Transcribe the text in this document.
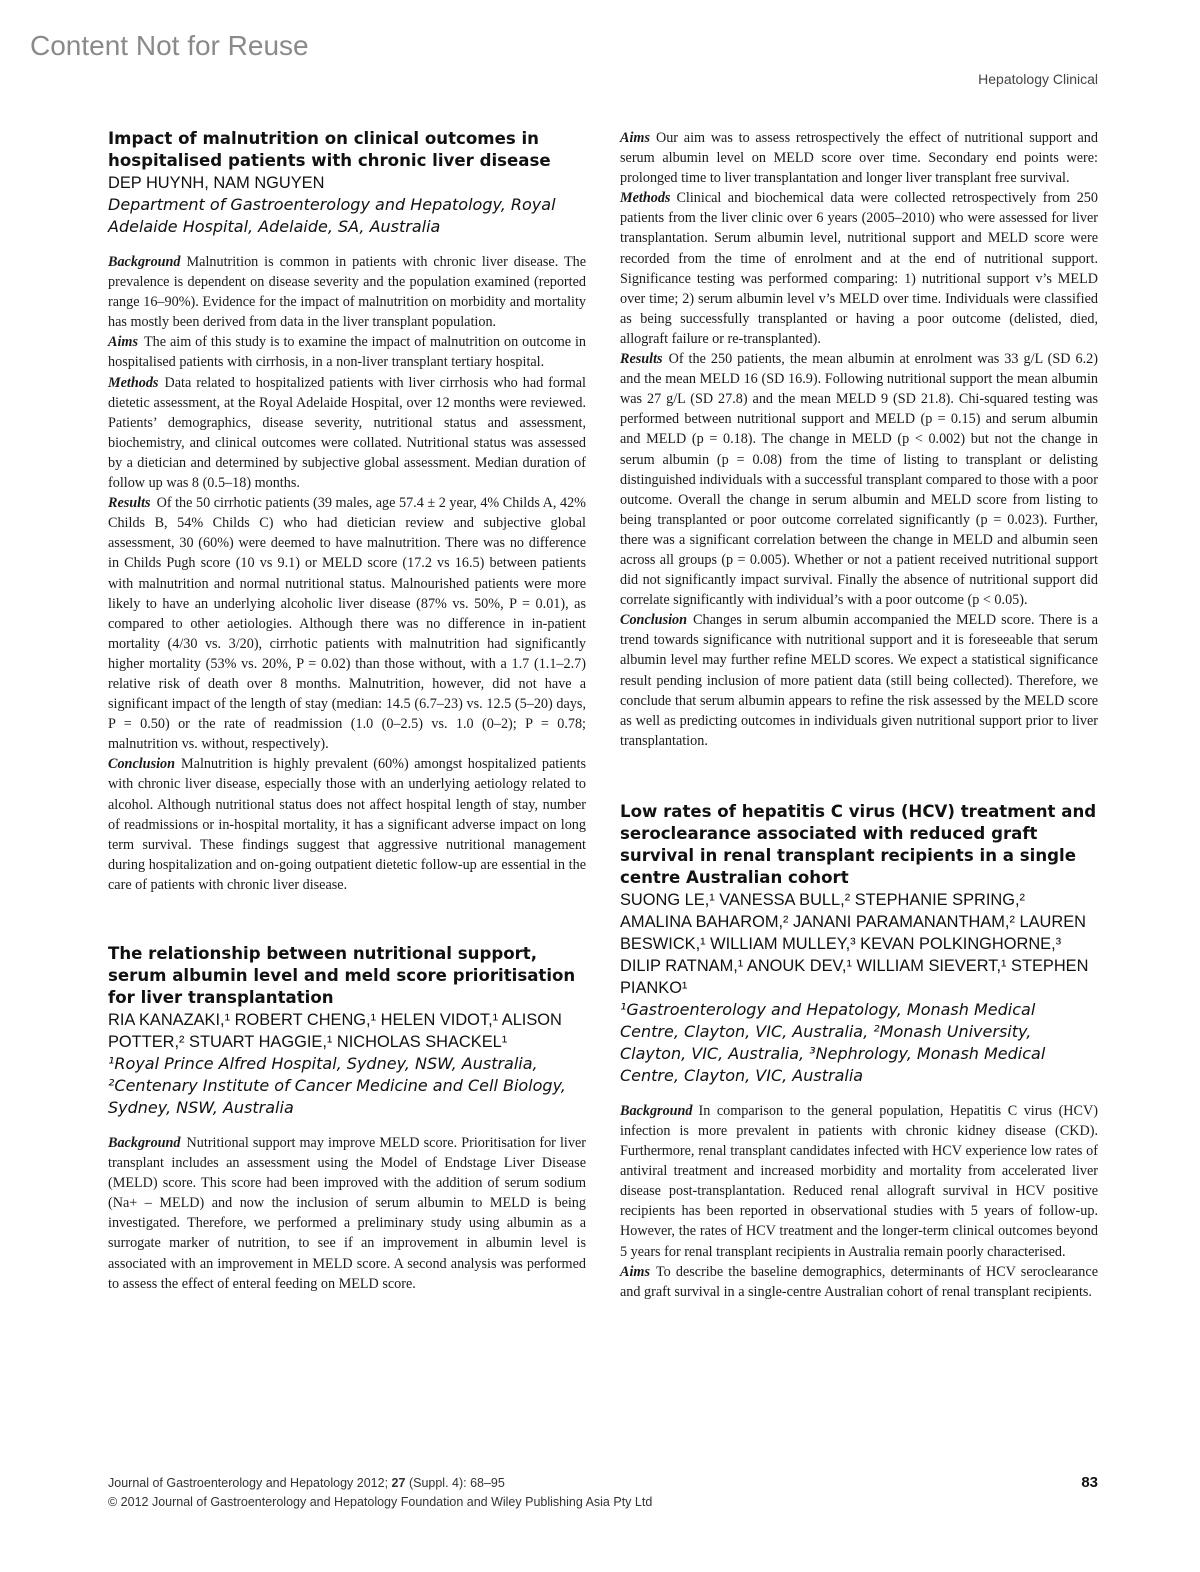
Content Not for Reuse
Hepatology Clinical
Impact of malnutrition on clinical outcomes in hospitalised patients with chronic liver disease

DEP HUYNH, NAM NGUYEN

Department of Gastroenterology and Hepatology, Royal Adelaide Hospital, Adelaide, SA, Australia

Background Malnutrition is common in patients with chronic liver disease. The prevalence is dependent on disease severity and the population examined (reported range 16–90%). Evidence for the impact of malnutrition on morbidity and mortality has mostly been derived from data in the liver transplant population.

Aims The aim of this study is to examine the impact of malnutrition on outcome in hospitalised patients with cirrhosis, in a non-liver transplant tertiary hospital.

Methods Data related to hospitalized patients with liver cirrhosis who had formal dietetic assessment, at the Royal Adelaide Hospital, over 12 months were reviewed. Patients’ demographics, disease severity, nutritional status and assessment, biochemistry, and clinical outcomes were collated. Nutritional status was assessed by a dietician and determined by subjective global assessment. Median duration of follow up was 8 (0.5–18) months.

Results Of the 50 cirrhotic patients (39 males, age 57.4 ± 2 year, 4% Childs A, 42% Childs B, 54% Childs C) who had dietician review and subjective global assessment, 30 (60%) were deemed to have malnutrition. There was no difference in Childs Pugh score (10 vs 9.1) or MELD score (17.2 vs 16.5) between patients with malnutrition and normal nutritional status. Malnourished patients were more likely to have an underlying alcoholic liver disease (87% vs. 50%, P = 0.01), as compared to other aetiologies. Although there was no difference in in-patient mortality (4/30 vs. 3/20), cirrhotic patients with malnutrition had significantly higher mortality (53% vs. 20%, P = 0.02) than those without, with a 1.7 (1.1–2.7) relative risk of death over 8 months. Malnutrition, however, did not have a significant impact of the length of stay (median: 14.5 (6.7–23) vs. 12.5 (5–20) days, P = 0.50) or the rate of readmission (1.0 (0–2.5) vs. 1.0 (0–2); P = 0.78; malnutrition vs. without, respectively).

Conclusion Malnutrition is highly prevalent (60%) amongst hospitalized patients with chronic liver disease, especially those with an underlying aetiology related to alcohol. Although nutritional status does not affect hospital length of stay, number of readmissions or in-hospital mortality, it has a significant adverse impact on long term survival. These findings suggest that aggressive nutritional management during hospitalization and on-going outpatient dietetic follow-up are essential in the care of patients with chronic liver disease.

The relationship between nutritional support, serum albumin level and meld score prioritisation for liver transplantation

RIA KANAZAKI,¹ ROBERT CHENG,¹ HELEN VIDOT,¹ ALISON POTTER,² STUART HAGGIE,¹ NICHOLAS SHACKEL¹

¹Royal Prince Alfred Hospital, Sydney, NSW, Australia, ²Centenary Institute of Cancer Medicine and Cell Biology, Sydney, NSW, Australia

Background Nutritional support may improve MELD score. Prioritisation for liver transplant includes an assessment using the Model of Endstage Liver Disease (MELD) score. This score had been improved with the addition of serum sodium (Na+ – MELD) and now the inclusion of serum albumin to MELD is being investigated. Therefore, we performed a preliminary study using albumin as a surrogate marker of nutrition, to see if an improvement in albumin level is associated with an improvement in MELD score. A second analysis was performed to assess the effect of enteral feeding on MELD score.

Aims Our aim was to assess retrospectively the effect of nutritional support and serum albumin level on MELD score over time. Secondary end points were: prolonged time to liver transplantation and longer liver transplant free survival.

Methods Clinical and biochemical data were collected retrospectively from 250 patients from the liver clinic over 6 years (2005–2010) who were assessed for liver transplantation. Serum albumin level, nutritional support and MELD score were recorded from the time of enrolment and at the end of nutritional support. Significance testing was performed comparing: 1) nutritional support v’s MELD over time; 2) serum albumin level v’s MELD over time. Individuals were classified as being successfully transplanted or having a poor outcome (delisted, died, allograft failure or re-transplanted).

Results Of the 250 patients, the mean albumin at enrolment was 33 g/L (SD 6.2) and the mean MELD 16 (SD 16.9). Following nutritional support the mean albumin was 27 g/L (SD 27.8) and the mean MELD 9 (SD 21.8). Chi-squared testing was performed between nutritional support and MELD (p = 0.15) and serum albumin and MELD (p = 0.18). The change in MELD (p < 0.002) but not the change in serum albumin (p = 0.08) from the time of listing to transplant or delisting distinguished individuals with a successful transplant compared to those with a poor outcome. Overall the change in serum albumin and MELD score from listing to being transplanted or poor outcome correlated significantly (p = 0.023). Further, there was a significant correlation between the change in MELD and albumin seen across all groups (p = 0.005). Whether or not a patient received nutritional support did not significantly impact survival. Finally the absence of nutritional support did correlate significantly with individual’s with a poor outcome (p < 0.05).

Conclusion Changes in serum albumin accompanied the MELD score. There is a trend towards significance with nutritional support and it is foreseeable that serum albumin level may further refine MELD scores. We expect a statistical significance result pending inclusion of more patient data (still being collected). Therefore, we conclude that serum albumin appears to refine the risk assessed by the MELD score as well as predicting outcomes in individuals given nutritional support prior to liver transplantation.

Low rates of hepatitis C virus (HCV) treatment and seroclearance associated with reduced graft survival in renal transplant recipients in a single centre Australian cohort

SUONG LE,¹ VANESSA BULL,² STEPHANIE SPRING,² AMALINA BAHAROM,² JANANI PARAMANANTHAM,² LAUREN BESWICK,¹ WILLIAM MULLEY,³ KEVAN POLKINGHORNE,³ DILIP RATNAM,¹ ANOUK DEV,¹ WILLIAM SIEVERT,¹ STEPHEN PIANKO¹

¹Gastroenterology and Hepatology, Monash Medical Centre, Clayton, VIC, Australia, ²Monash University, Clayton, VIC, Australia, ³Nephrology, Monash Medical Centre, Clayton, VIC, Australia

Background In comparison to the general population, Hepatitis C virus (HCV) infection is more prevalent in patients with chronic kidney disease (CKD). Furthermore, renal transplant candidates infected with HCV experience low rates of antiviral treatment and increased morbidity and mortality from accelerated liver disease post-transplantation. Reduced renal allograft survival in HCV positive recipients has been reported in observational studies with 5 years of follow-up. However, the rates of HCV treatment and the longer-term clinical outcomes beyond 5 years for renal transplant recipients in Australia remain poorly characterised.

Aims To describe the baseline demographics, determinants of HCV seroclearance and graft survival in a single-centre Australian cohort of renal transplant recipients.

Journal of Gastroenterology and Hepatology 2012; 27 (Suppl. 4): 68–95
© 2012 Journal of Gastroenterology and Hepatology Foundation and Wiley Publishing Asia Pty Ltd
83
